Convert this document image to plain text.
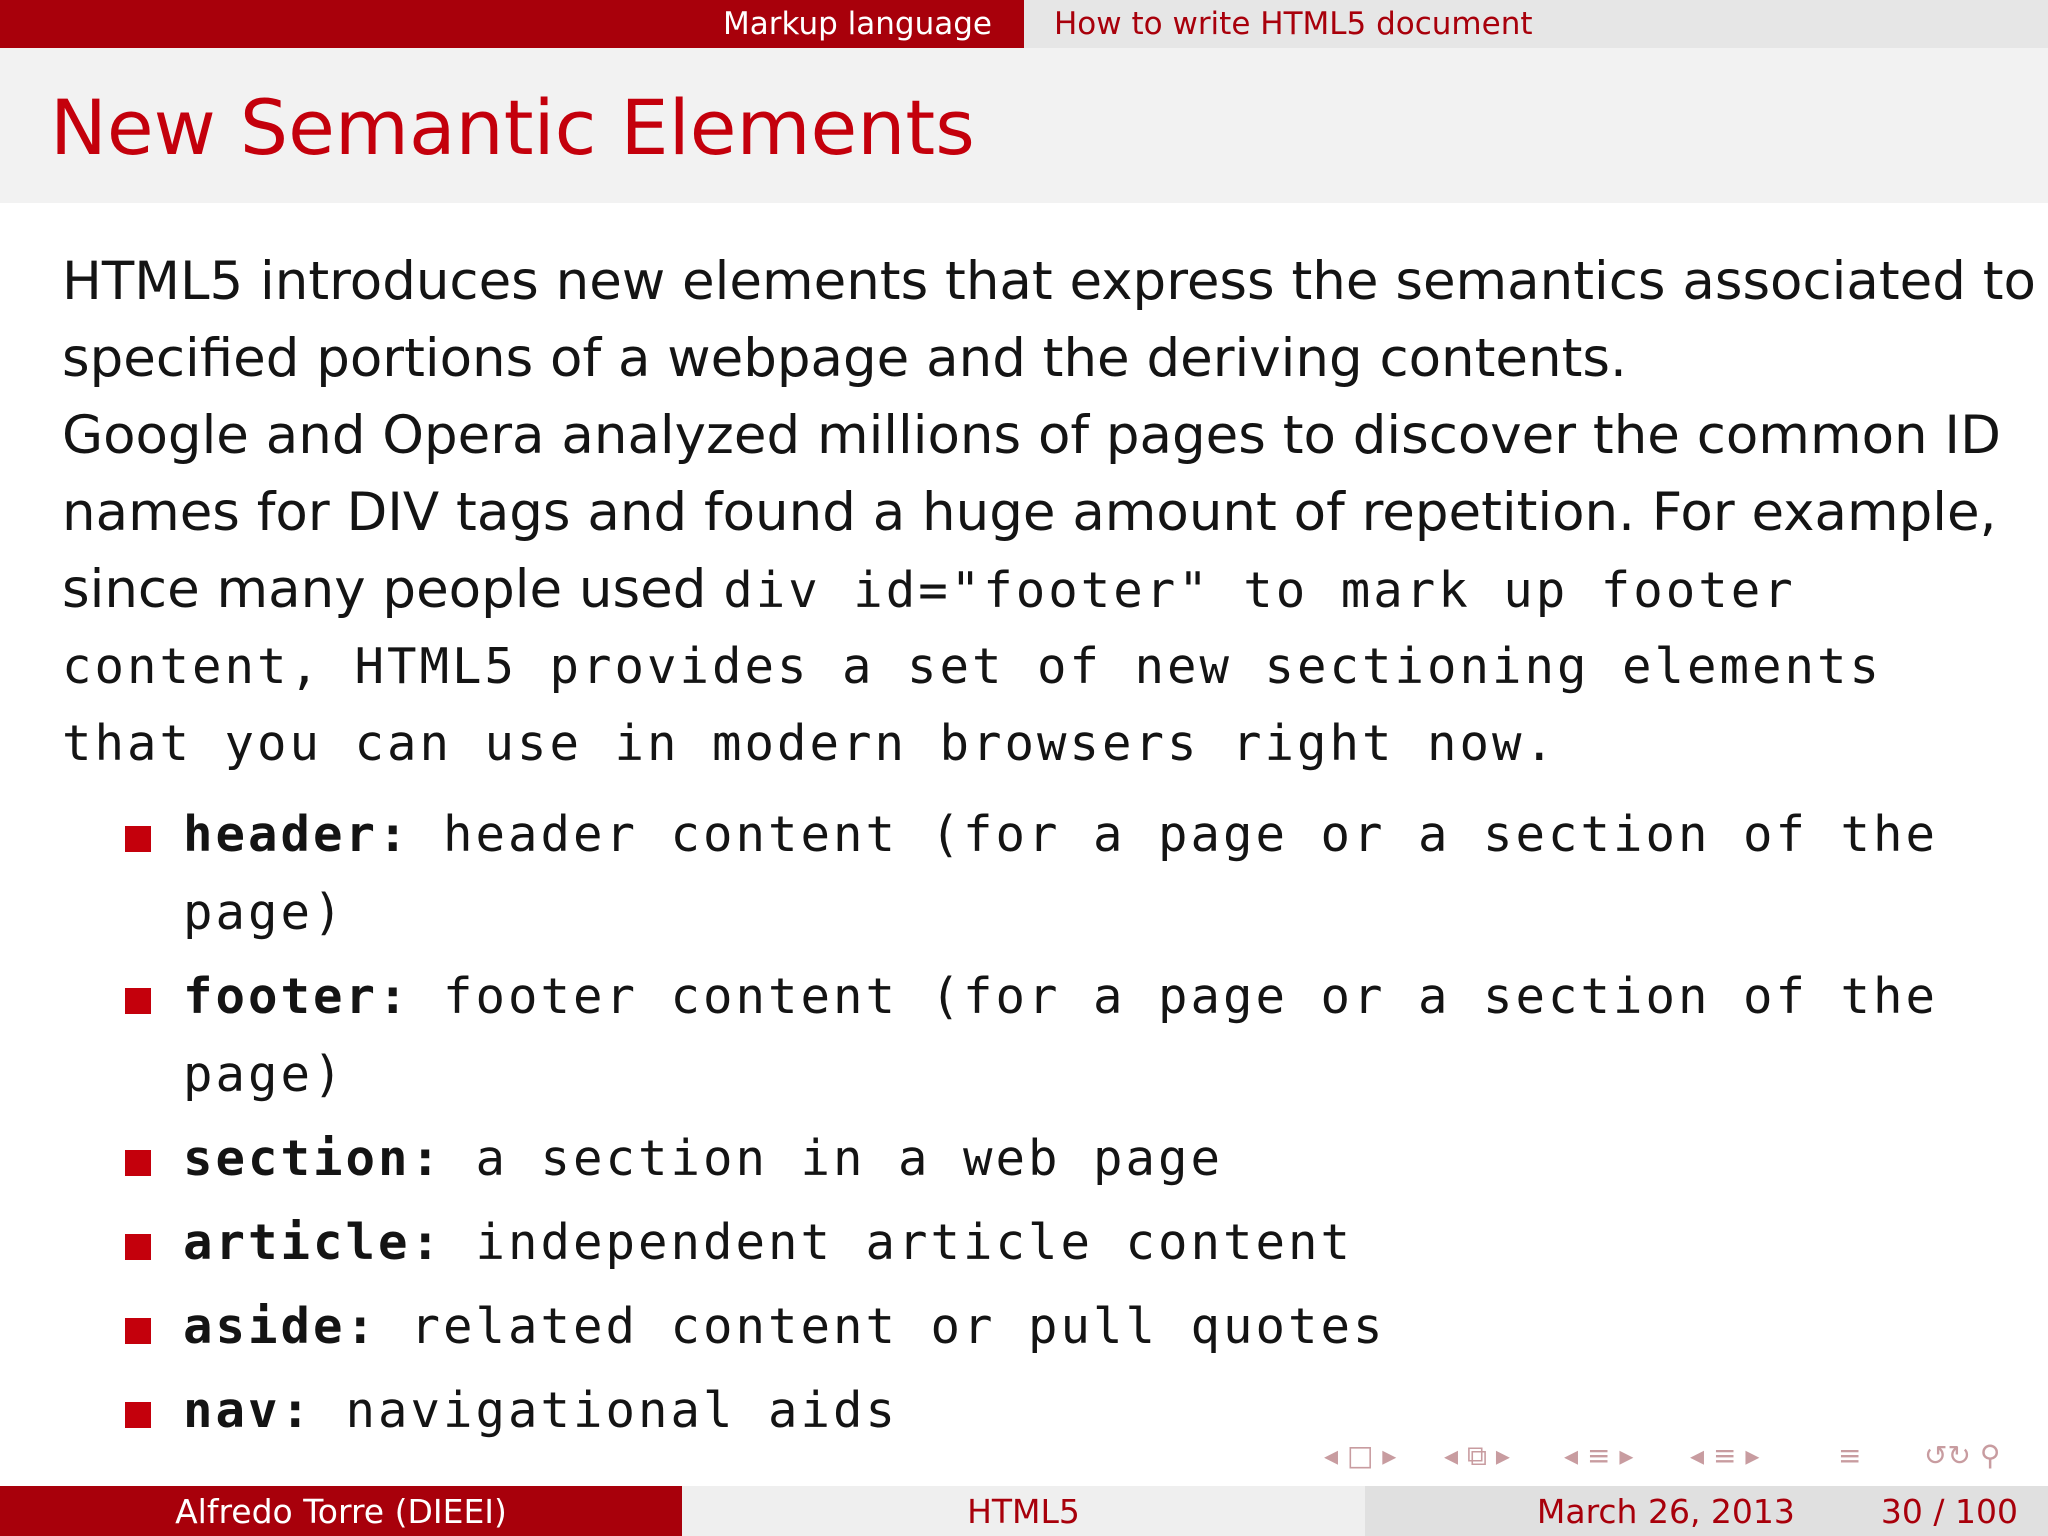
Markup language	How to write HTML5 document
New Semantic Elements
HTML5 introduces new elements that express the semantics associated to
specified portions of a webpage and the deriving contents.
Google and Opera analyzed millions of pages to discover the common ID
names for DIV tags and found a huge amount of repetition. For example,
since many people used div id="footer" to mark up footer
content, HTML5 provides a set of new sectioning elements
that you can use in modern browsers right now.
header: header content (for a page or a section of the
page)
footer: footer content (for a page or a section of the
page)
section: a section in a web page
article: independent article content
aside: related content or pull quotes
nav: navigational aids
◂ □ ▸ ◂ ⧉ ▸ ◂ ≡ ▸ ◂ ≡ ▸	≡ ↺↻ ⚲
Alfredo Torre (DIEEI)	HTML5	March 26, 2013	30 / 100
